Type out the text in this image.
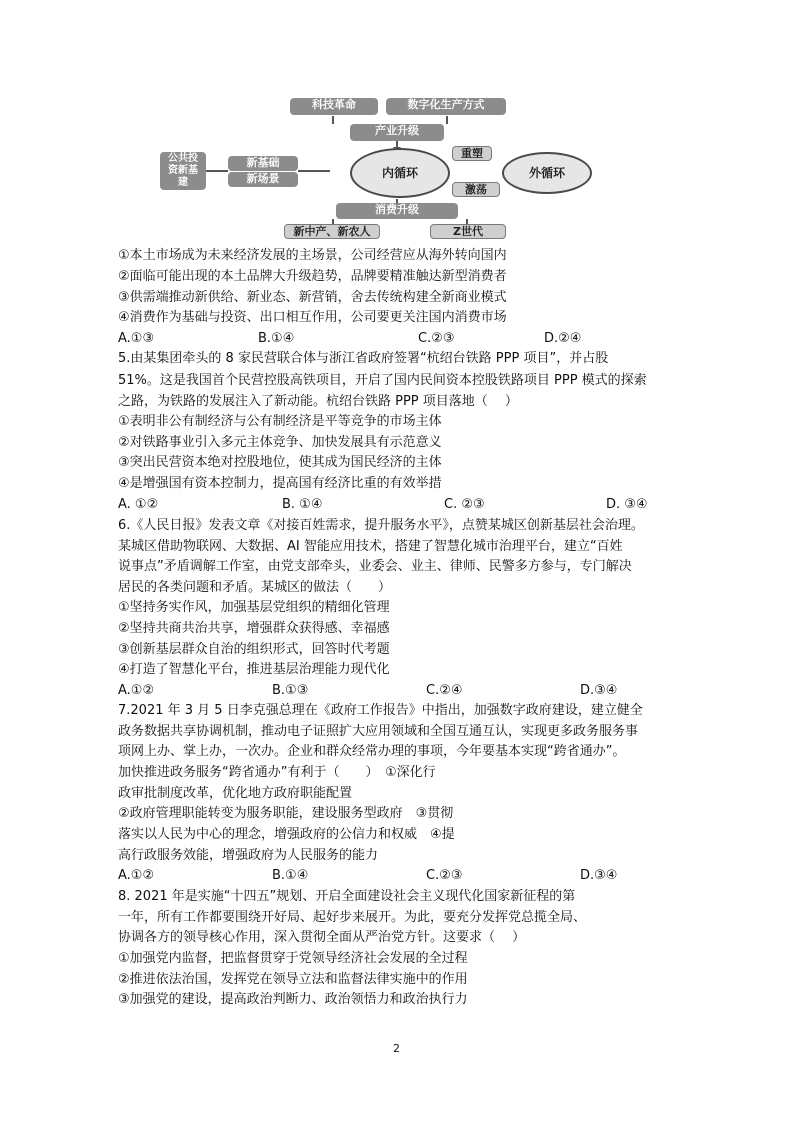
科技革命	数字化生产方式
产业升级
公共投资新基建
新基础
新场景	内循环
重塑
激荡
外循环
消费升级
新中产、新农人	Z世代
①本土市场成为未来经济发展的主场景，公司经营应从海外转向国内
②面临可能出现的本土品牌大升级趋势，品牌要精准触达新型消费者
③供需端推动新供给、新业态、新营销，舍去传统构建全新商业模式
④消费作为基础与投资、出口相互作用，公司要更关注国内消费市场
A.①③	B.①④	C.②③	D.②④
5.由某集团牵头的 8 家民营联合体与浙江省政府签署“杭绍台铁路 PPP 项目”，并占股
51%。这是我国首个民营控股高铁项目，开启了国内民间资本控股铁路项目 PPP 模式的探索
之路，为铁路的发展注入了新动能。杭绍台铁路 PPP 项目落地（　 ）
①表明非公有制经济与公有制经济是平等竞争的市场主体
②对铁路事业引入多元主体竞争、加快发展具有示范意义
③突出民营资本绝对控股地位，使其成为国民经济的主体
④是增强国有资本控制力，提高国有经济比重的有效举措
A. ①②	B. ①④	C. ②③	D. ③④
6.《人民日报》发表文章《对接百姓需求，提升服务水平》，点赞某城区创新基层社会治理。
某城区借助物联网、大数据、AI 智能应用技术，搭建了智慧化城市治理平台，建立“百姓
说事点”矛盾调解工作室，由党支部牵头，业委会、业主、律师、民警多方参与，专门解决
居民的各类问题和矛盾。某城区的做法（　　）
①坚持务实作风，加强基层党组织的精细化管理
②坚持共商共治共享，增强群众获得感、幸福感
③创新基层群众自治的组织形式，回答时代考题
④打造了智慧化平台，推进基层治理能力现代化
A.①②	B.①③	C.②④	D.③④
7.2021 年 3 月 5 日李克强总理在《政府工作报告》中指出，加强数字政府建设，建立健全
政务数据共享协调机制，推动电子证照扩大应用领域和全国互通互认，实现更多政务服务事
项网上办、掌上办，一次办。企业和群众经常办理的事项，今年要基本实现“跨省通办”。
加快推进政务服务“跨省通办”有利于（　　）　①深化行
政审批制度改革，优化地方政府职能配置
②政府管理职能转变为服务职能，建设服务型政府　③贯彻
落实以人民为中心的理念，增强政府的公信力和权威　④提
高行政服务效能，增强政府为人民服务的能力
A.①②	B.①④	C.②③	D.③④
8. 2021 年是实施“十四五”规划、开启全面建设社会主义现代化国家新征程的第
一年，所有工作都要围绕开好局、起好步来展开。为此，要充分发挥党总揽全局、
协调各方的领导核心作用，深入贯彻全面从严治党方针。这要求（　 ）
①加强党内监督，把监督贯穿于党领导经济社会发展的全过程
②推进依法治国，发挥党在领导立法和监督法律实施中的作用
③加强党的建设，提高政治判断力、政治领悟力和政治执行力
2
